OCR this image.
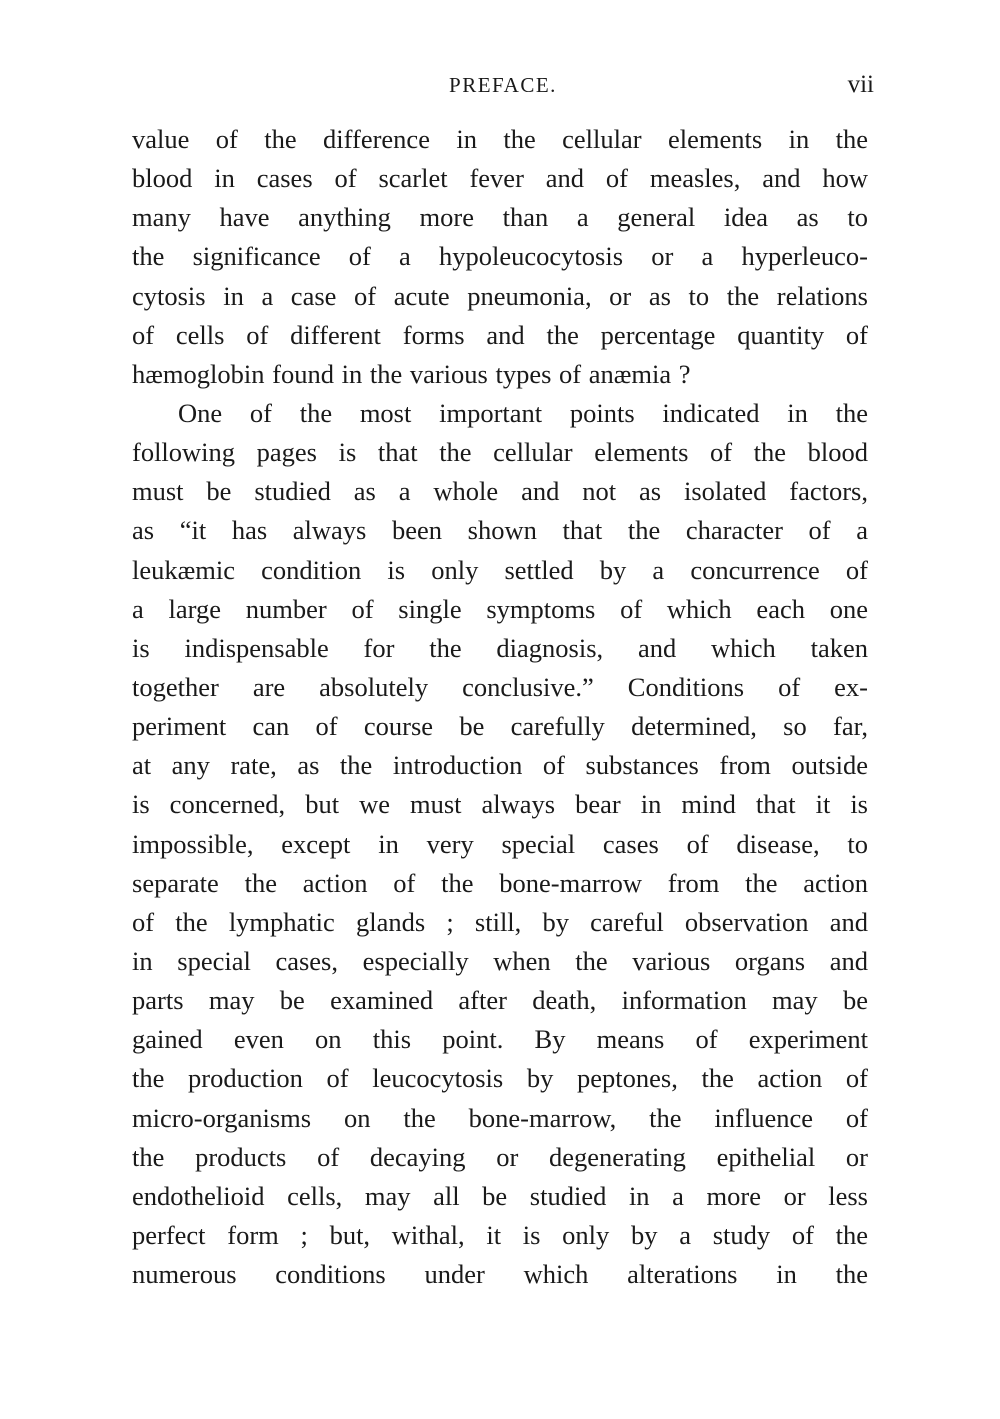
PREFACE.	vii
value of the difference in the cellular elements in the
blood in cases of scarlet fever and of measles, and how
many have anything more than a general idea as to
the significance of a hypoleucocytosis or a hyperleuco-
cytosis in a case of acute pneumonia, or as to the relations
of cells of different forms and the percentage quantity of
hæmoglobin found in the various types of anæmia ?
One of the most important points indicated in the
following pages is that the cellular elements of the blood
must be studied as a whole and not as isolated factors,
as “it has always been shown that the character of a
leukæmic condition is only settled by a concurrence of
a large number of single symptoms of which each one
is indispensable for the diagnosis, and which taken
together are absolutely conclusive.” Conditions of ex-
periment can of course be carefully determined, so far,
at any rate, as the introduction of substances from outside
is concerned, but we must always bear in mind that it is
impossible, except in very special cases of disease, to
separate the action of the bone-marrow from the action
of the lymphatic glands ; still, by careful observation and
in special cases, especially when the various organs and
parts may be examined after death, information may be
gained even on this point. By means of experiment
the production of leucocytosis by peptones, the action of
micro-organisms on the bone-marrow, the influence of
the products of decaying or degenerating epithelial or
endothelioid cells, may all be studied in a more or less
perfect form ; but, withal, it is only by a study of the
numerous conditions under which alterations in the
